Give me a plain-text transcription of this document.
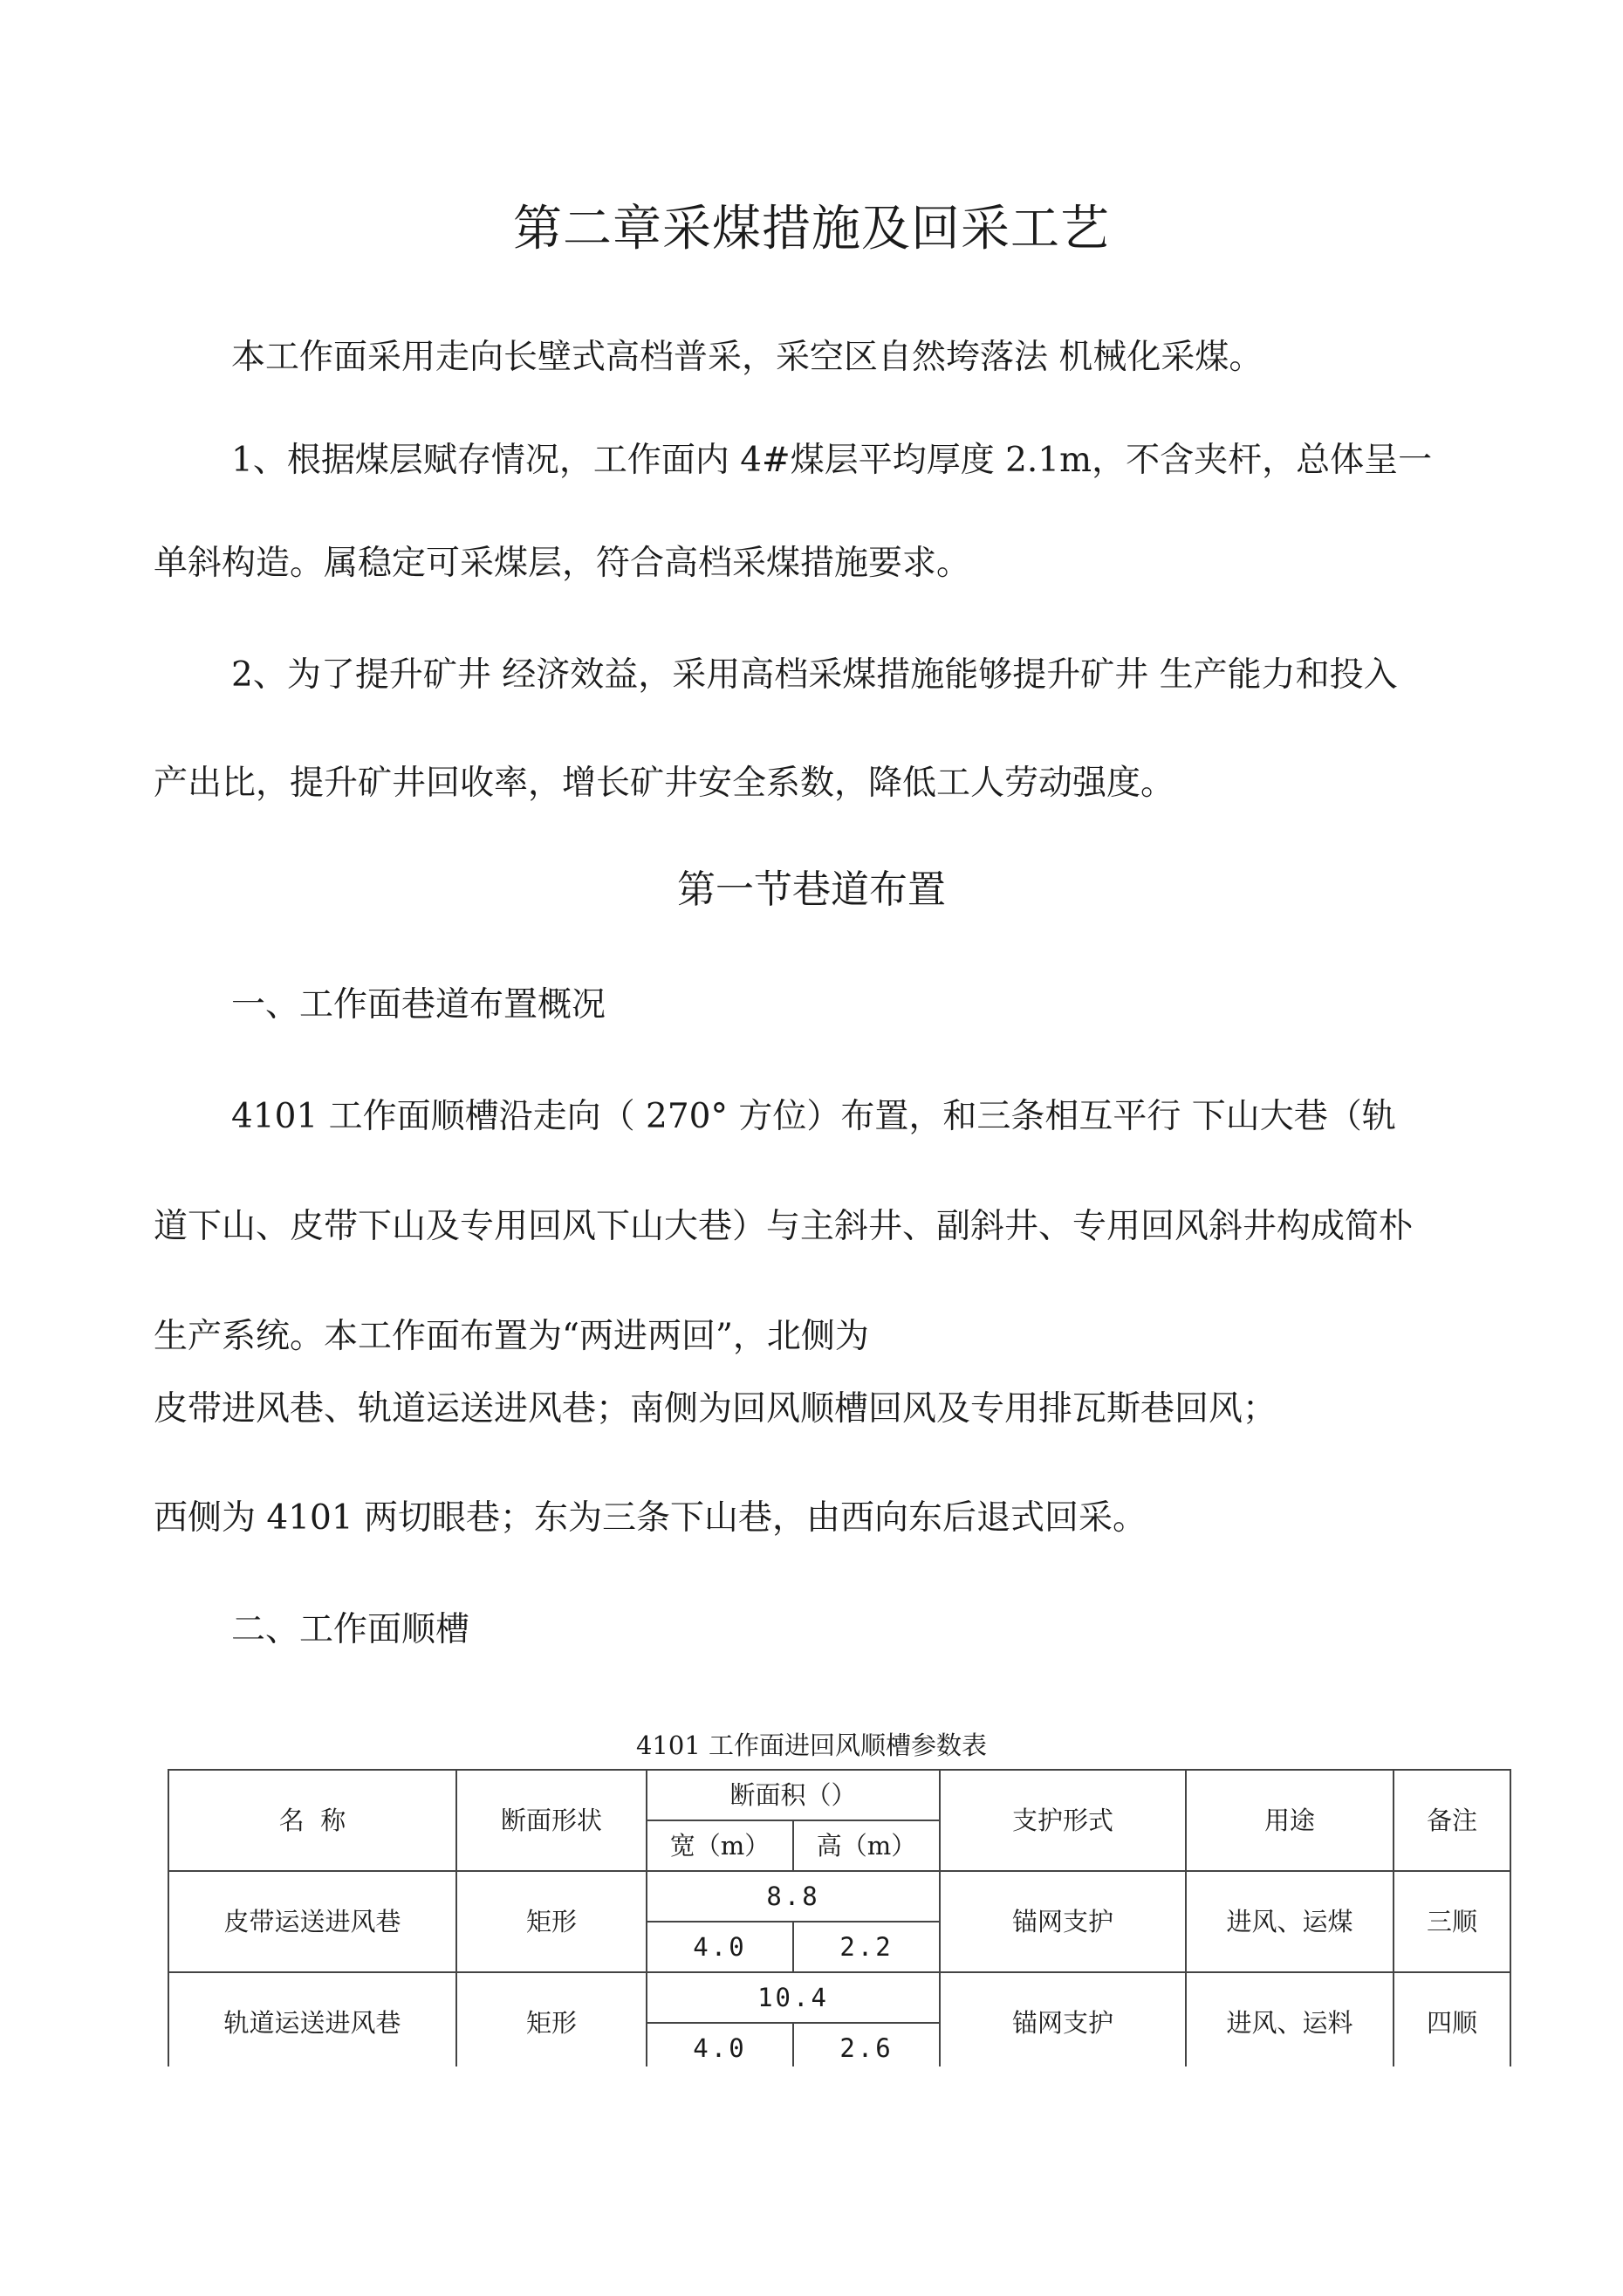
第二章采煤措施及回采工艺
本工作面采用走向长壁式高档普采，采空区自然垮落法 机械化采煤。
1、根据煤层赋存情况，工作面内 4#煤层平均厚度 2.1m，不含夹杆，总体呈一
单斜构造。属稳定可采煤层，符合高档采煤措施要求。
2、为了提升矿井 经济效益，采用高档采煤措施能够提升矿井 生产能力和投入
产出比，提升矿井回收率，增长矿井安全系数，降低工人劳动强度。
第一节巷道布置
一、工作面巷道布置概况
4101 工作面顺槽沿走向（ 270° 方位）布置，和三条相互平行 下山大巷（轨
道下山、皮带下山及专用回风下山大巷）与主斜井、副斜井、专用回风斜井构成简朴
生产系统。本工作面布置为“两进两回”，北侧为
皮带进风巷、轨道运送进风巷；南侧为回风顺槽回风及专用排瓦斯巷回风；
西侧为 4101 两切眼巷；东为三条下山巷，由西向东后退式回采。
二、工作面顺槽
4101 工作面进回风顺槽参数表
名  称	断面形状	断面积（）		支护形式	用途	备注
		宽（m）	高（m）			
皮带运送进风巷	矩形	8.8		锚网支护	进风、运煤	三顺
		4.0	2.2			
轨道运送进风巷	矩形	10.4		锚网支护	进风、运料	四顺
		4.0	2.6			
